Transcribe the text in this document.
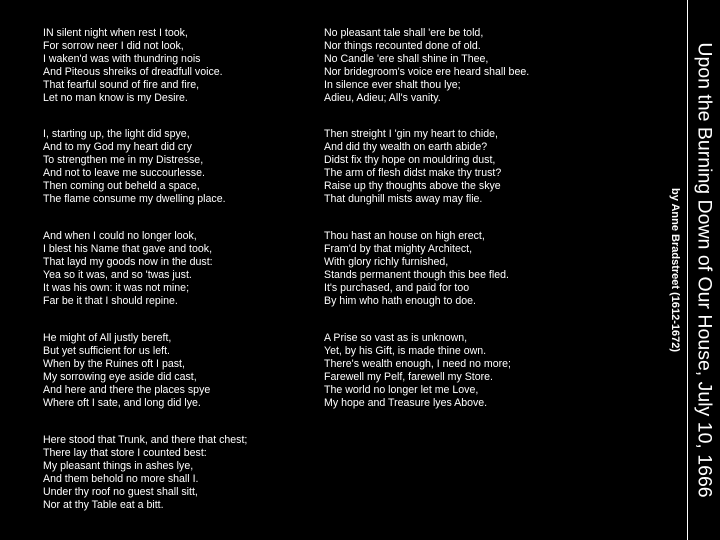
IN silent night when rest I took,
For sorrow neer I did not look,
I waken'd was with thundring nois
And Piteous shreiks of dreadfull voice.
That fearful sound of fire and fire,
Let no man know is my Desire.
No pleasant tale shall 'ere be told,
Nor things recounted done of old.
No Candle 'ere shall shine in Thee,
Nor bridegroom's voice ere heard shall bee.
In silence ever shalt thou lye;
Adieu, Adieu; All's vanity.
I, starting up, the light did spye,
And to my God my heart did cry
To strengthen me in my Distresse,
And not to leave me succourlesse.
Then coming out beheld a space,
The flame consume my dwelling place.
Then streight I 'gin my heart to chide,
And did thy wealth on earth abide?
Didst fix thy hope on mouldring dust,
The arm of flesh didst make thy trust?
Raise up thy thoughts above the skye
That dunghill mists away may flie.
And when I could no longer look,
I blest his Name that gave and took,
That layd my goods now in the dust:
Yea so it was, and so 'twas just.
It was his own: it was not mine;
Far be it that I should repine.
Thou hast an house on high erect,
Fram'd by that mighty Architect,
With glory richly furnished,
Stands permanent though this bee fled.
It's purchased, and paid for too
By him who hath enough to doe.
He might of All justly bereft,
But yet sufficient for us left.
When by the Ruines oft I past,
My sorrowing eye aside did cast,
And here and there the places spye
Where oft I sate, and long did lye.
A Prise so vast as is unknown,
Yet, by his Gift, is made thine own.
There's wealth enough, I need no more;
Farewell my Pelf, farewell my Store.
The world no longer let me Love,
My hope and Treasure lyes Above.
Here stood that Trunk, and there that chest;
There lay that store I counted best:
My pleasant things in ashes lye,
And them behold no more shall I.
Under thy roof no guest shall sitt,
Nor at thy Table eat a bitt.
Upon the Burning Down of Our House, July 10, 1666
by Anne Bradstreet (1612-1672)
